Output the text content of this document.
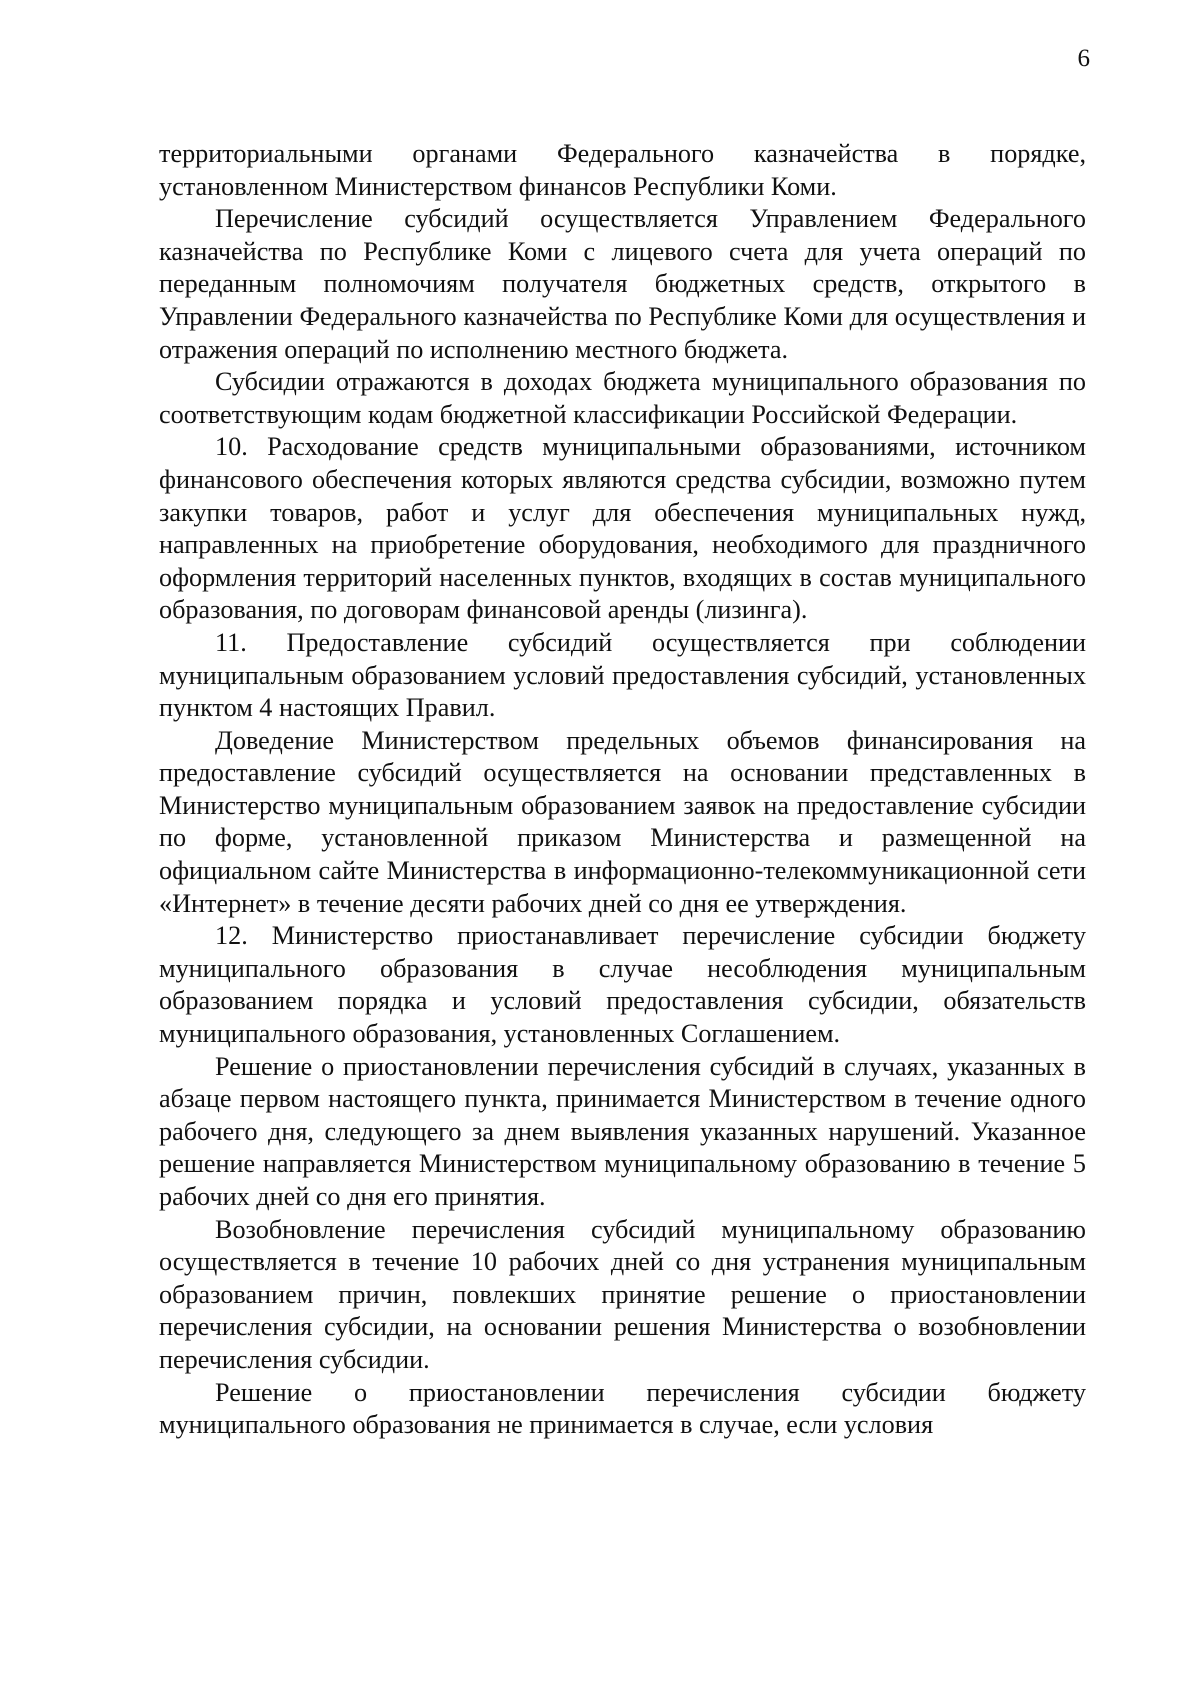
6

территориальными органами Федерального казначейства в порядке, установленном Министерством финансов Республики Коми.

Перечисление субсидий осуществляется Управлением Федерального казначейства по Республике Коми с лицевого счета для учета операций по переданным полномочиям получателя бюджетных средств, открытого в Управлении Федерального казначейства по Республике Коми для осуществления и отражения операций по исполнению местного бюджета.

Субсидии отражаются в доходах бюджета муниципального образования по соответствующим кодам бюджетной классификации Российской Федерации.

10. Расходование средств муниципальными образованиями, источником финансового обеспечения которых являются средства субсидии, возможно путем закупки товаров, работ и услуг для обеспечения муниципальных нужд, направленных на приобретение оборудования, необходимого для праздничного оформления территорий населенных пунктов, входящих в состав муниципального образования, по договорам финансовой аренды (лизинга).

11. Предоставление субсидий осуществляется при соблюдении муниципальным образованием условий предоставления субсидий, установленных пунктом 4 настоящих Правил.

Доведение Министерством предельных объемов финансирования на предоставление субсидий осуществляется на основании представленных в Министерство муниципальным образованием заявок на предоставление субсидии по форме, установленной приказом Министерства и размещенной на официальном сайте Министерства в информационно-телекоммуникационной сети «Интернет» в течение десяти рабочих дней со дня ее утверждения.

12. Министерство приостанавливает перечисление субсидии бюджету муниципального образования в случае несоблюдения муниципальным образованием порядка и условий предоставления субсидии, обязательств муниципального образования, установленных Соглашением.

Решение о приостановлении перечисления субсидий в случаях, указанных в абзаце первом настоящего пункта, принимается Министерством в течение одного рабочего дня, следующего за днем выявления указанных нарушений. Указанное решение направляется Министерством муниципальному образованию в течение 5 рабочих дней со дня его принятия.

Возобновление перечисления субсидий муниципальному образованию осуществляется в течение 10 рабочих дней со дня устранения муниципальным образованием причин, повлекших принятие решение о приостановлении перечисления субсидии, на основании решения Министерства о возобновлении перечисления субсидии.

Решение о приостановлении перечисления субсидии бюджету муниципального образования не принимается в случае, если условия
